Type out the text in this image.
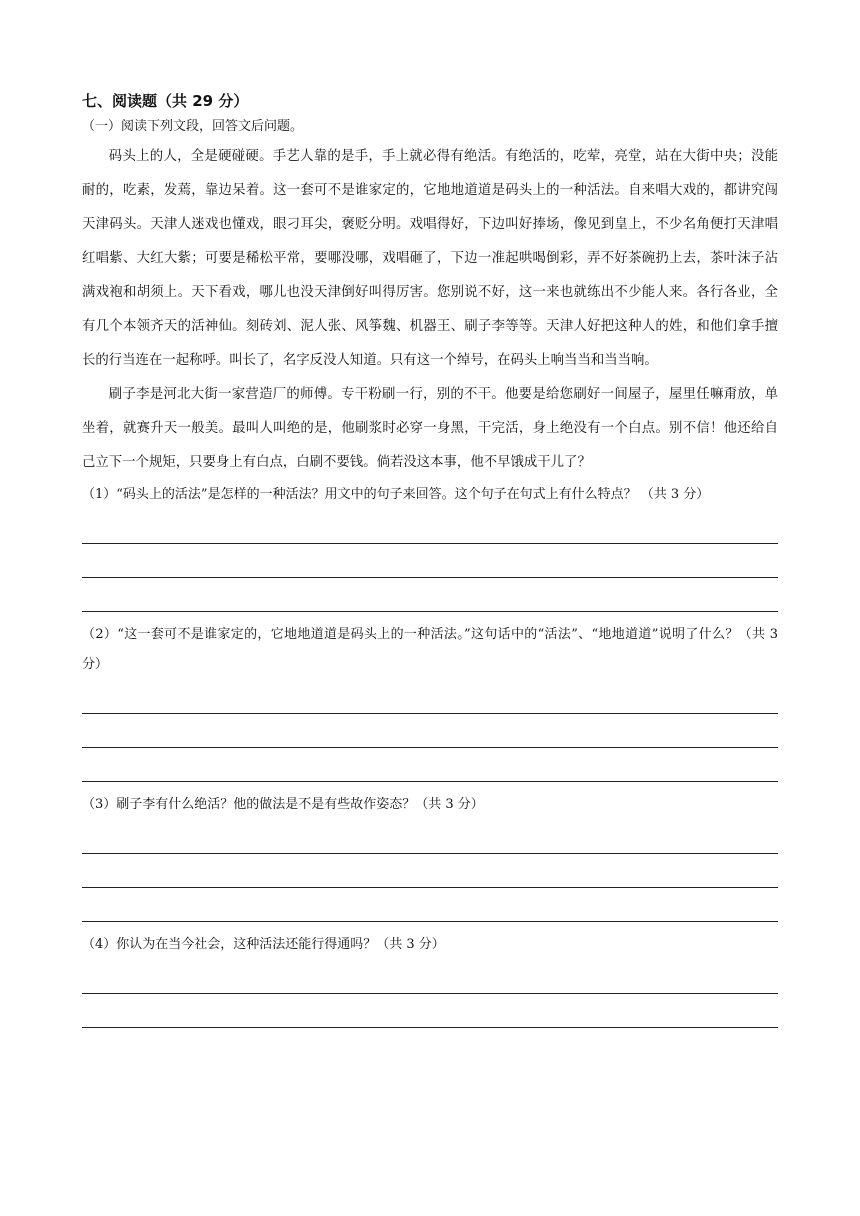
七、阅读题（共 29 分）

（一）阅读下列文段，回答文后问题。

码头上的人，全是硬碰硬。手艺人靠的是手，手上就必得有绝活。有绝活的，吃荤，亮堂，站在大街中央；没能耐的，吃素，发蔫，靠边呆着。这一套可不是谁家定的，它地地道道是码头上的一种活法。自来唱大戏的，都讲究闯天津码头。天津人迷戏也懂戏，眼刁耳尖，褒贬分明。戏唱得好，下边叫好捧场，像见到皇上，不少名角便打天津唱红唱紫、大红大紫；可要是稀松平常，要哪没哪，戏唱砸了，下边一准起哄喝倒彩，弄不好茶碗扔上去，茶叶沫子沾满戏袍和胡须上。天下看戏，哪儿也没天津倒好叫得厉害。您别说不好，这一来也就练出不少能人来。各行各业，全有几个本领齐天的活神仙。刻砖刘、泥人张、风筝魏、机器王、刷子李等等。天津人好把这种人的姓，和他们拿手擅长的行当连在一起称呼。叫长了，名字反没人知道。只有这一个绰号，在码头上响当当和当当响。

刷子李是河北大街一家营造厂的师傅。专干粉刷一行，别的不干。他要是给您刷好一间屋子，屋里任嘛甭放，单坐着，就赛升天一般美。最叫人叫绝的是，他刷浆时必穿一身黑，干完活，身上绝没有一个白点。别不信！他还给自己立下一个规矩，只要身上有白点，白刷不要钱。倘若没这本事，他不早饿成干儿了？

（1）“码头上的活法”是怎样的一种活法？用文中的句子来回答。这个句子在句式上有什么特点？ （共 3 分）

（2）“这一套可不是谁家定的，它地地道道是码头上的一种活法。”这句话中的“活法”、“地地道道”说明了什么？（共 3 分）

（3）刷子李有什么绝活？他的做法是不是有些故作姿态？（共 3 分）

（4）你认为在当今社会，这种活法还能行得通吗？（共 3 分）
